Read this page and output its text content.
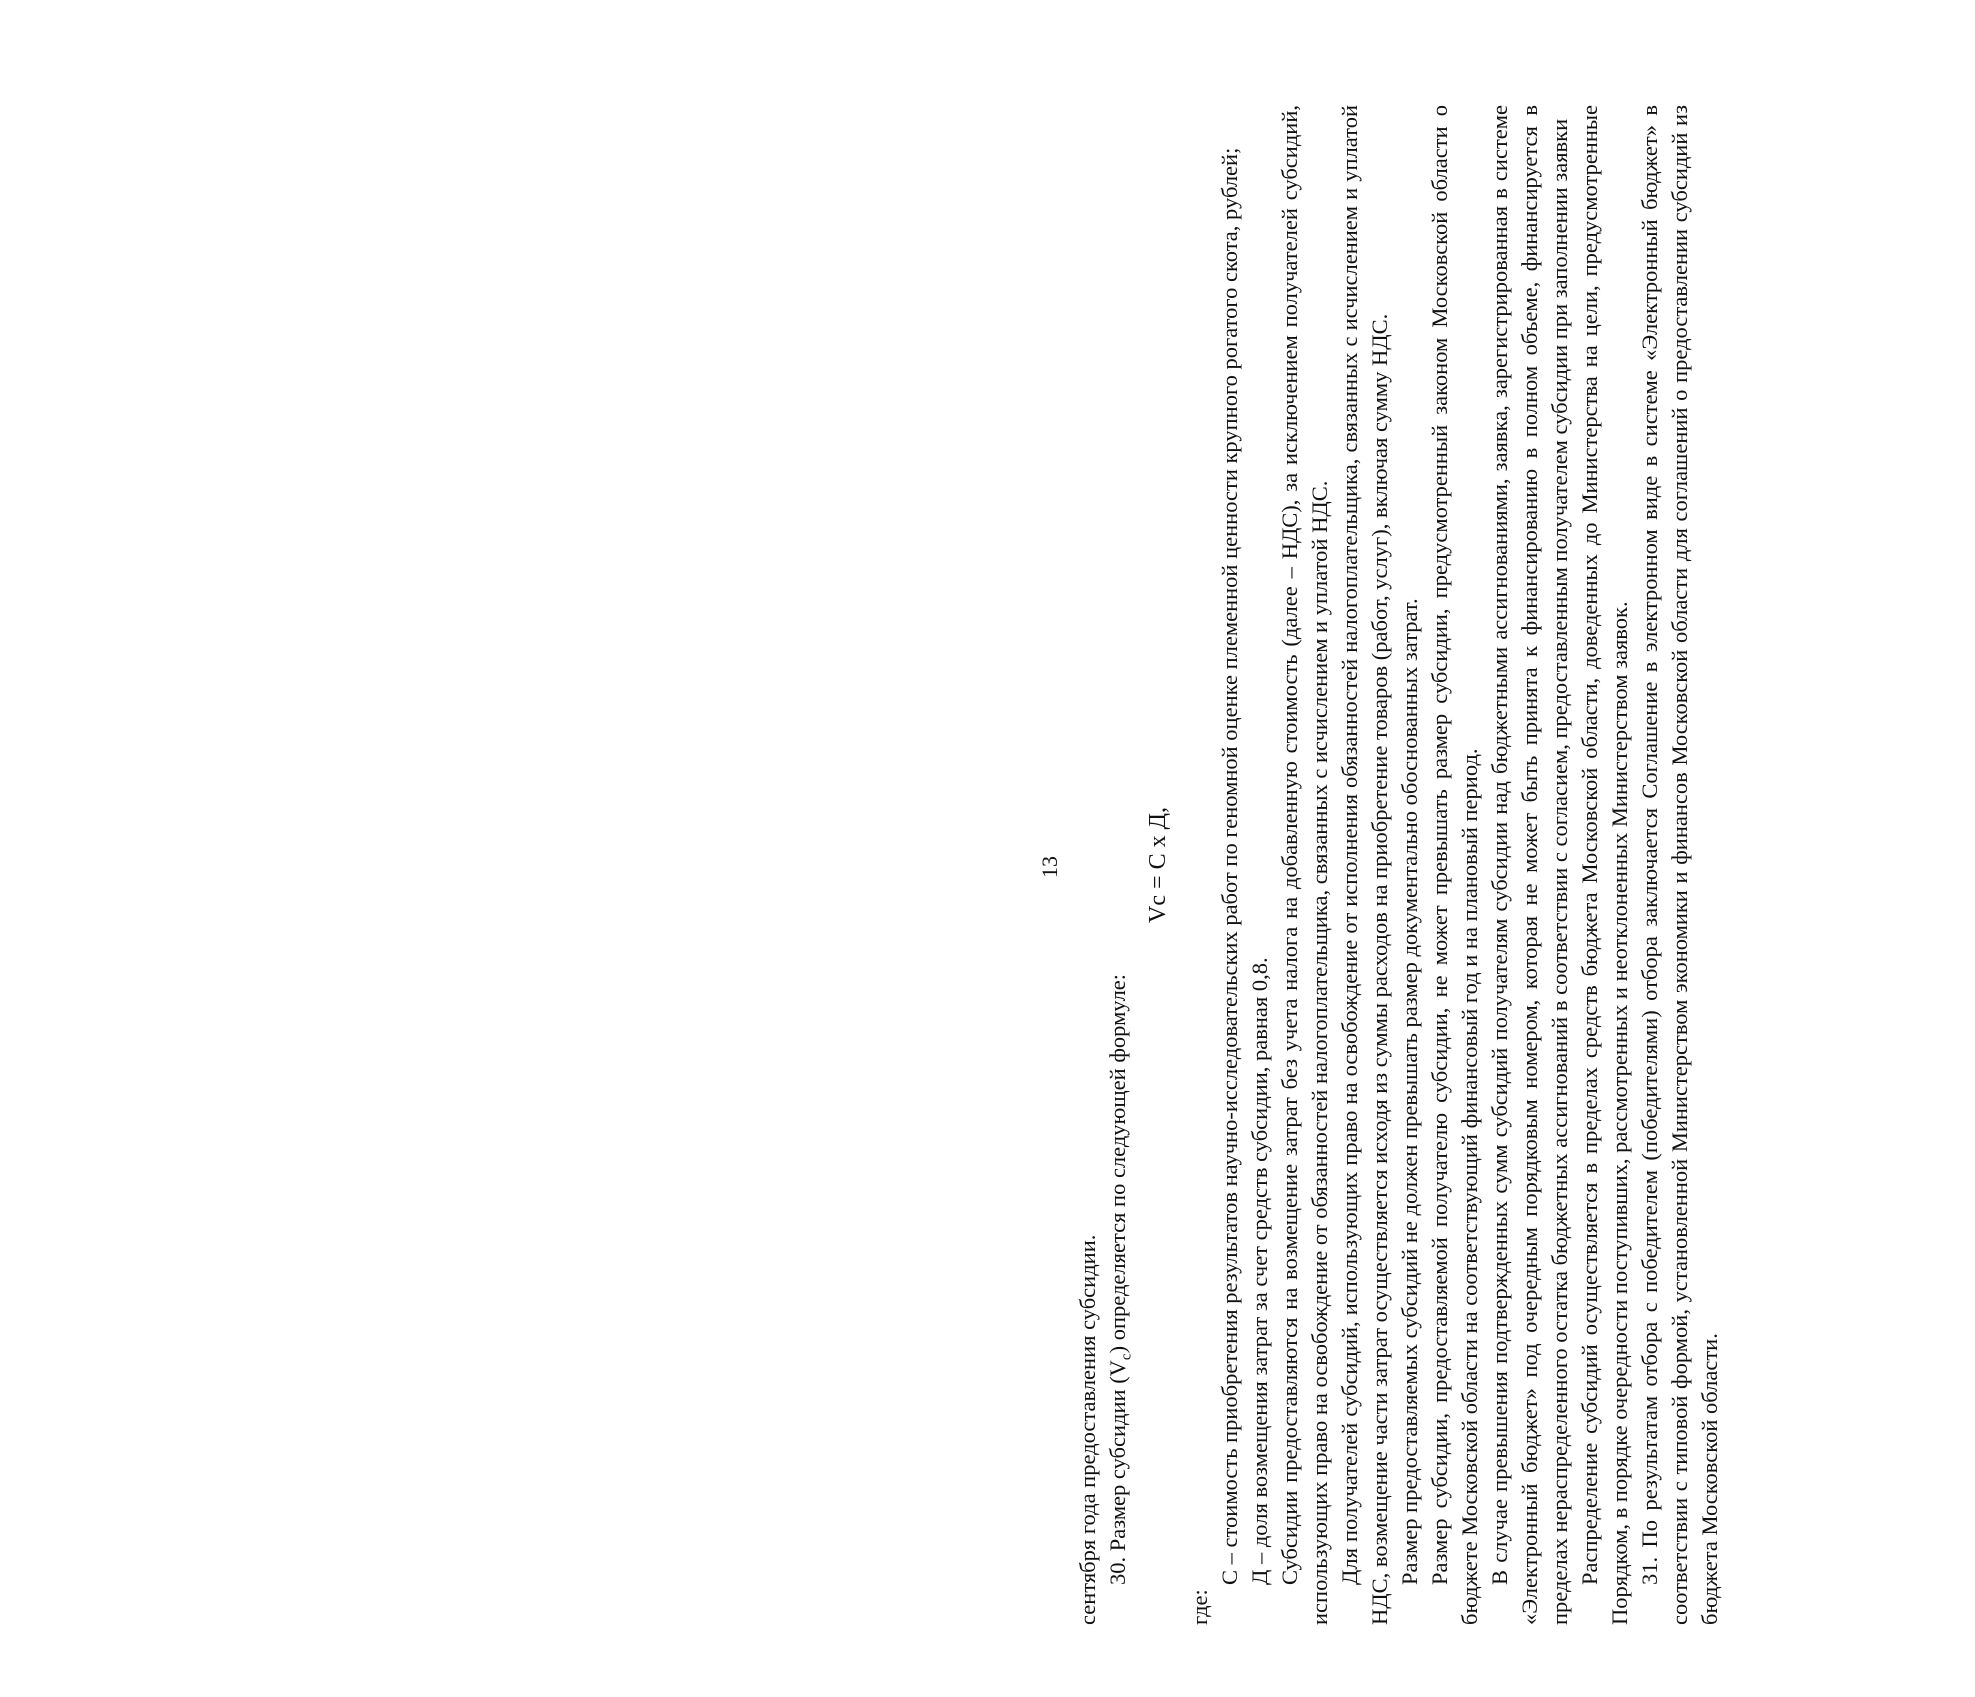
13

сентября года предоставления субсидии. 30. Размер субсидии $(V_c)$ определяется по следующей формуле:

Vc = C x Д,

где:

С – стоимость приобретения результатов научно-исследовательских работ по геномной оценке племенной ценности крупного рогатого скота, рублей; Д – доля возмещения затрат за счет средств субсидии, равная 0,8. Субсидии предоставляются на возмещение затрат без учета налога на добавленную стоимость (далее – НДС), за исключением получателей субсидий, использующих право на освобождение от обязанностей налогоплательщика, связанных с исчислением и уплатой НДС. Для получателей субсидий, использующих право на освобождение от исполнения обязанностей налогоплательщика, связанных с исчислением и уплатой НДС, возмещение части затрат осуществляется исходя из суммы расходов на приобретение товаров (работ, услуг), включая сумму НДС. Размер предоставляемых субсидий не должен превышать размер документально обоснованных затрат. Размер субсидии, предоставляемой получателю субсидии, не может превышать размер субсидии, предусмотренный законом Московской области о бюджете Московской области на соответствующий финансовый год и на плановый период. В случае превышения подтвержденных сумм субсидий получателям субсидии над бюджетными ассигнованиями, заявка, зарегистрированная в системе «Электронный бюджет» под очередным порядковым номером, которая не может быть принята к финансированию в полном объеме, финансируется в пределах нераспределенного остатка бюджетных ассигнований в соответствии с согласием, предоставленным получателем субсидии при заполнении заявки Распределение субсидий осуществляется в пределах средств бюджета Московской области, доведенных до Министерства на цели, предусмотренные Порядком, в порядке очередности поступивших, рассмотренных и неотклоненных Министерством заявок. 31. По результатам отбора с победителем (победителями) отбора заключается Соглашение в электронном виде в системе «Электронный бюджет» в соответствии с типовой формой, установленной Министерством экономики и финансов Московской области для соглашений о предоставлении субсидий из бюджета Московской области.
